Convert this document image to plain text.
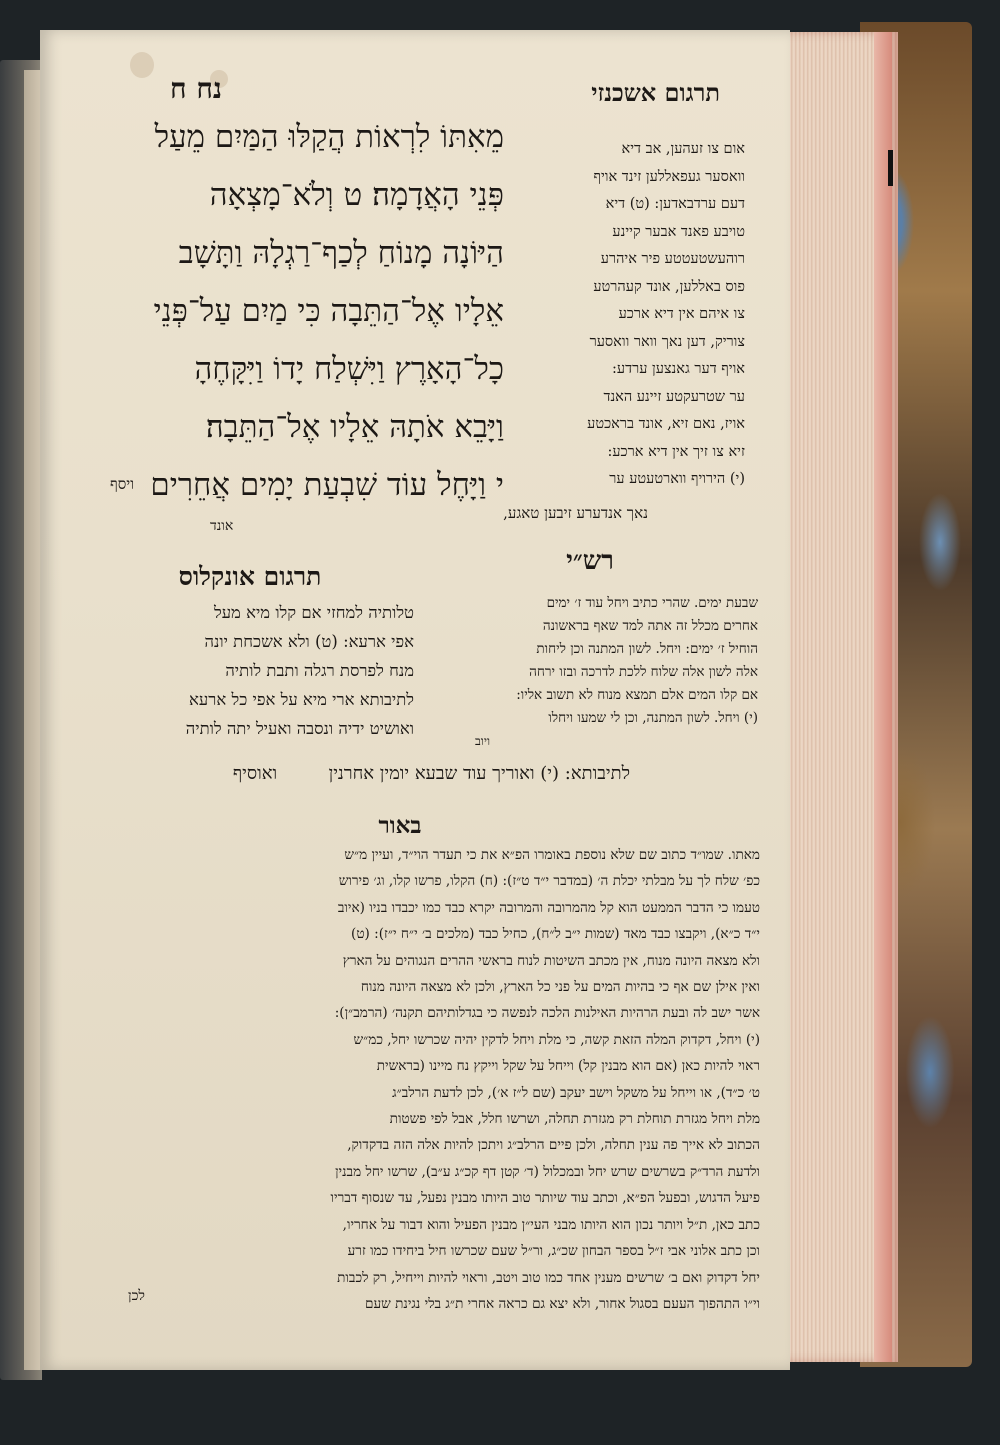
נח ח	תרגום אשכנזי
מֵאִתּוֹ לִרְאוֹת הֲקַלּוּ הַמַּיִם מֵעַל
פְּנֵי הָאֲדָמָה׃ ט וְלֹא־מָצְאָה
הַיּוֹנָה מָנוֹחַ לְכַף־רַגְלָהּ וַתָּשָׁב
אֵלָיו אֶל־הַתֵּבָה כִּי מַיִם עַל־פְּנֵי
כָל־הָאָרֶץ וַיִּשְׁלַח יָדוֹ וַיִּקָּחֶהָ
וַיָּבֵא אֹתָהּ אֵלָיו אֶל־הַתֵּבָה׃
י וַיָּחֶל עוֹד שִׁבְעַת יָמִים אֲחֵרִים
ויסף
אום צו זעהען, אב דיא
וואסער געפאללען זינד אויף
דעם ערדבאדען: (ט) דיא
טויבע פאנד אבער קיינע
רוהעשטעטטע פיר איהרע
פוס באללען, אונד קעהרטע
צו איהם אין דיא ארכע
צוריק, דען נאך וואר וואסער
אויף דער גאנצען ערדע:
ער שטרעקטע זיינע האנד
אויז, נאם זיא, אונד בראכטע
זיא צו זיך אין דיא ארכע:
(י) הירויף ווארטעטע ער
נאך אנדערע זיבען טאגע,
אונד
רש״י
שבעת ימים. שהרי כתיב ויחל עוד ז׳ ימים
אחרים מכלל זה אתה למד שאף בראשונה
הוחיל ז׳ ימים: ויחל. לשון המתנה וכן ליחות
אלה לשון אלה שלוח ללכת לדרכה ובזו ירחה
אם קלו המים אלם תמצא מנוח לא תשוב אליו:
(י) ויחל. לשון המתנה, וכן לי שמעו ויחלו
ויוב
תרגום אונקלוס
טלותיה למחזי אם קלו מיא מעל
אפי ארעא: (ט) ולא אשכחת יונה
מנח לפרסת רגלה ותבת לותיה
לתיבותא ארי מיא על אפי כל ארעא
ואושיט ידיה ונסבה ואעיל יתה לותיה
לתיבותא: (י) ואוריך עוד שבעא יומין אחרנין  ואוסיף
באור
מאתו. שמו״ד כתוב שם שלא נוספת באומרו הפ״א את כי תעדר הוי״ד, ועיין מ״ש
כפ׳ שלח לך על מבלתי יכלת ה׳ (במדבר י״ד ט״ז): (ח) הקלו, פרשו קלו, וג׳ פירוש
טעמו כי הדבר הממעט הוא קל מהמרובה והמרובה יקרא כבד כמו יכבדו בניו (איוב
י״ד כ״א), ויקבצו כבד מאד (שמות י״ב ל״ח), כחיל כבד (מלכים ב׳ י״ח י״ז): (ט)
ולא מצאה היונה מנוח, אין מכתב השיטות לנוח בראשי ההרים הנגוהים על הארץ
ואין אילן שם אף כי בהיות המים על פני כל הארץ, ולכן לא מצאה היונה מנוח
אשר ישב לה ובעת הרהיות האילנות הלכה לנפשה כי בגדלותיהם תקנה׳ (הרמב״ן):
(י) ויחל, דקדוק המלה הזאת קשה, כי מלת ויחל לדקין יהיה שכרשו יחל, כמ״ש
ראוי להיות כאן (אם הוא מבנין קל) וייחל על שקל וייקץ נח מיינו (בראשית
ט׳ כ״ד), או וייחל על משקל וישב יעקב (שם ל״ז א׳), לכן לדעת הרלב״ג
מלת ויחל מגזרת תוחלת רק מגזרת תחלה, ושרשו חלל, אבל לפי פשטות
הכתוב לא אייך פה ענין תחלה, ולכן פיים הרלב״ג ויתכן להיות אלה הזה בדקדוק,
ולדעת הרד״ק בשרשים שרש יחל ובמכלול (ד׳ קטן דף קכ״ג ע״ב), שרשו יחל מבנין
פיעל הדגוש, ובפעל הפ״א, וכתב עוד שיותר טוב היותו מבנין נפעל, עד שנסוף דבריו
כתב כאן, ת״ל ויותר נכון הוא היותו מבני העי״ן מבנין הפעיל והוא דבור על אחריו,
וכן כתב אלוני אבי ז״ל בספר הבחון שכ״ג, ור״ל שעם שכרשו חיל ביחידו כמו זרע
יחל דקדוק ואם ב׳ שרשים מענין אחד כמו טוב ויטב, וראוי להיות וייחיל, רק לכבות
וי״ו התהפוך העעם בסגול אחור, ולא יצא גם כראה אחרי ת״ג בלי נגינת שעם
לכן
